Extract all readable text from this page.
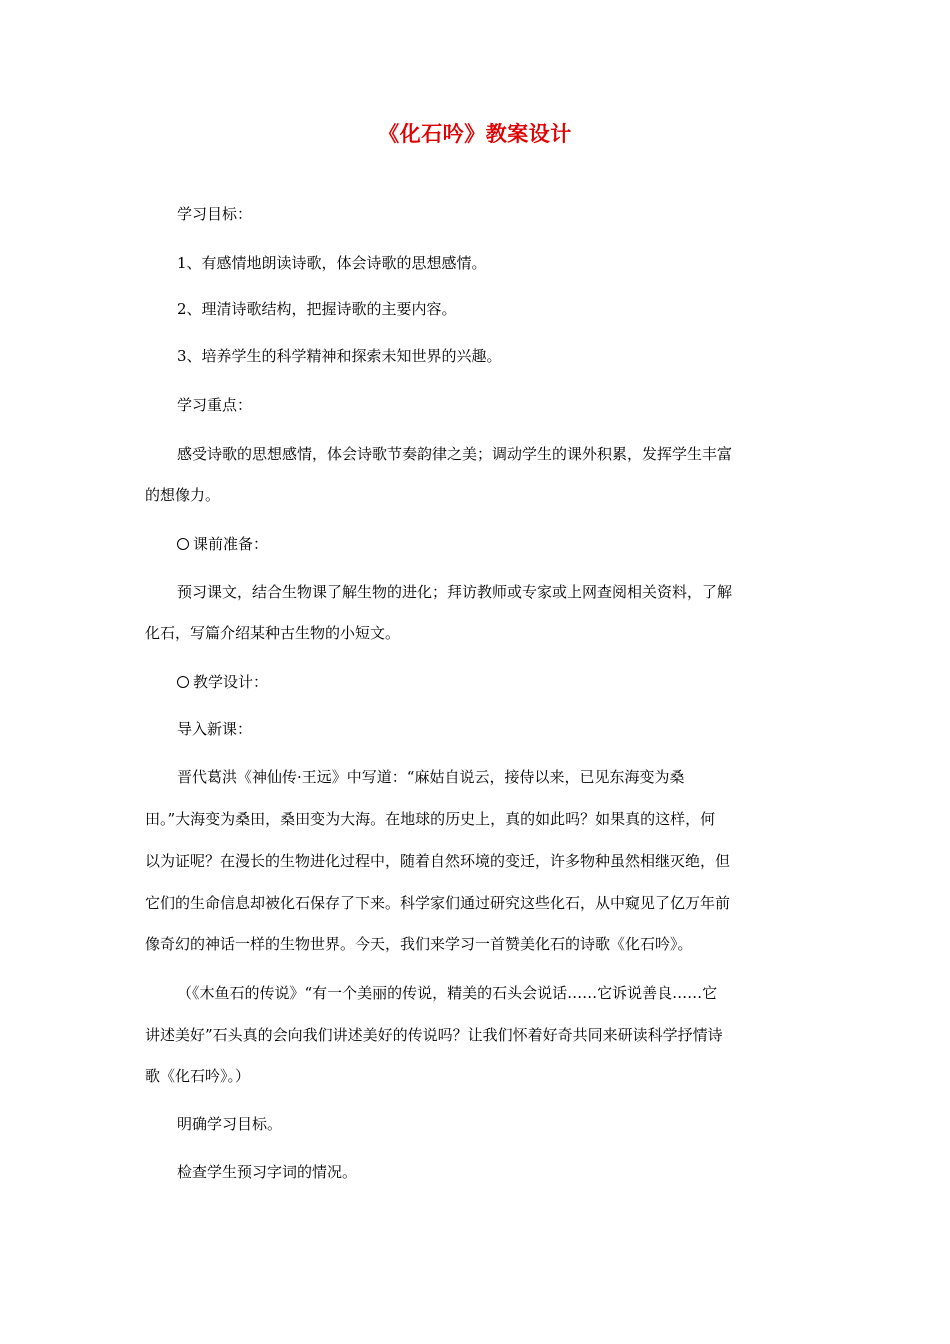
《化石吟》教案设计
学习目标：
1、有感情地朗读诗歌，体会诗歌的思想感情。
2、理清诗歌结构，把握诗歌的主要内容。
3、培养学生的科学精神和探索未知世界的兴趣。
学习重点：
感受诗歌的思想感情，体会诗歌节奏韵律之美；调动学生的课外积累，发挥学生丰富
的想像力。
课前准备：
预习课文，结合生物课了解生物的进化；拜访教师或专家或上网查阅相关资料，了解
化石，写篇介绍某种古生物的小短文。
教学设计：
导入新课：
晋代葛洪《神仙传·王远》中写道：“麻姑自说云，接侍以来，已见东海变为桑
田。”大海变为桑田，桑田变为大海。在地球的历史上，真的如此吗？如果真的这样，何
以为证呢？在漫长的生物进化过程中，随着自然环境的变迁，许多物种虽然相继灭绝，但
它们的生命信息却被化石保存了下来。科学家们通过研究这些化石，从中窥见了亿万年前
像奇幻的神话一样的生物世界。今天，我们来学习一首赞美化石的诗歌《化石吟》。
（《木鱼石的传说》“有一个美丽的传说，精美的石头会说话……它诉说善良……它
讲述美好”石头真的会向我们讲述美好的传说吗？让我们怀着好奇共同来研读科学抒情诗
歌《化石吟》。）
明确学习目标。
检查学生预习字词的情况。
